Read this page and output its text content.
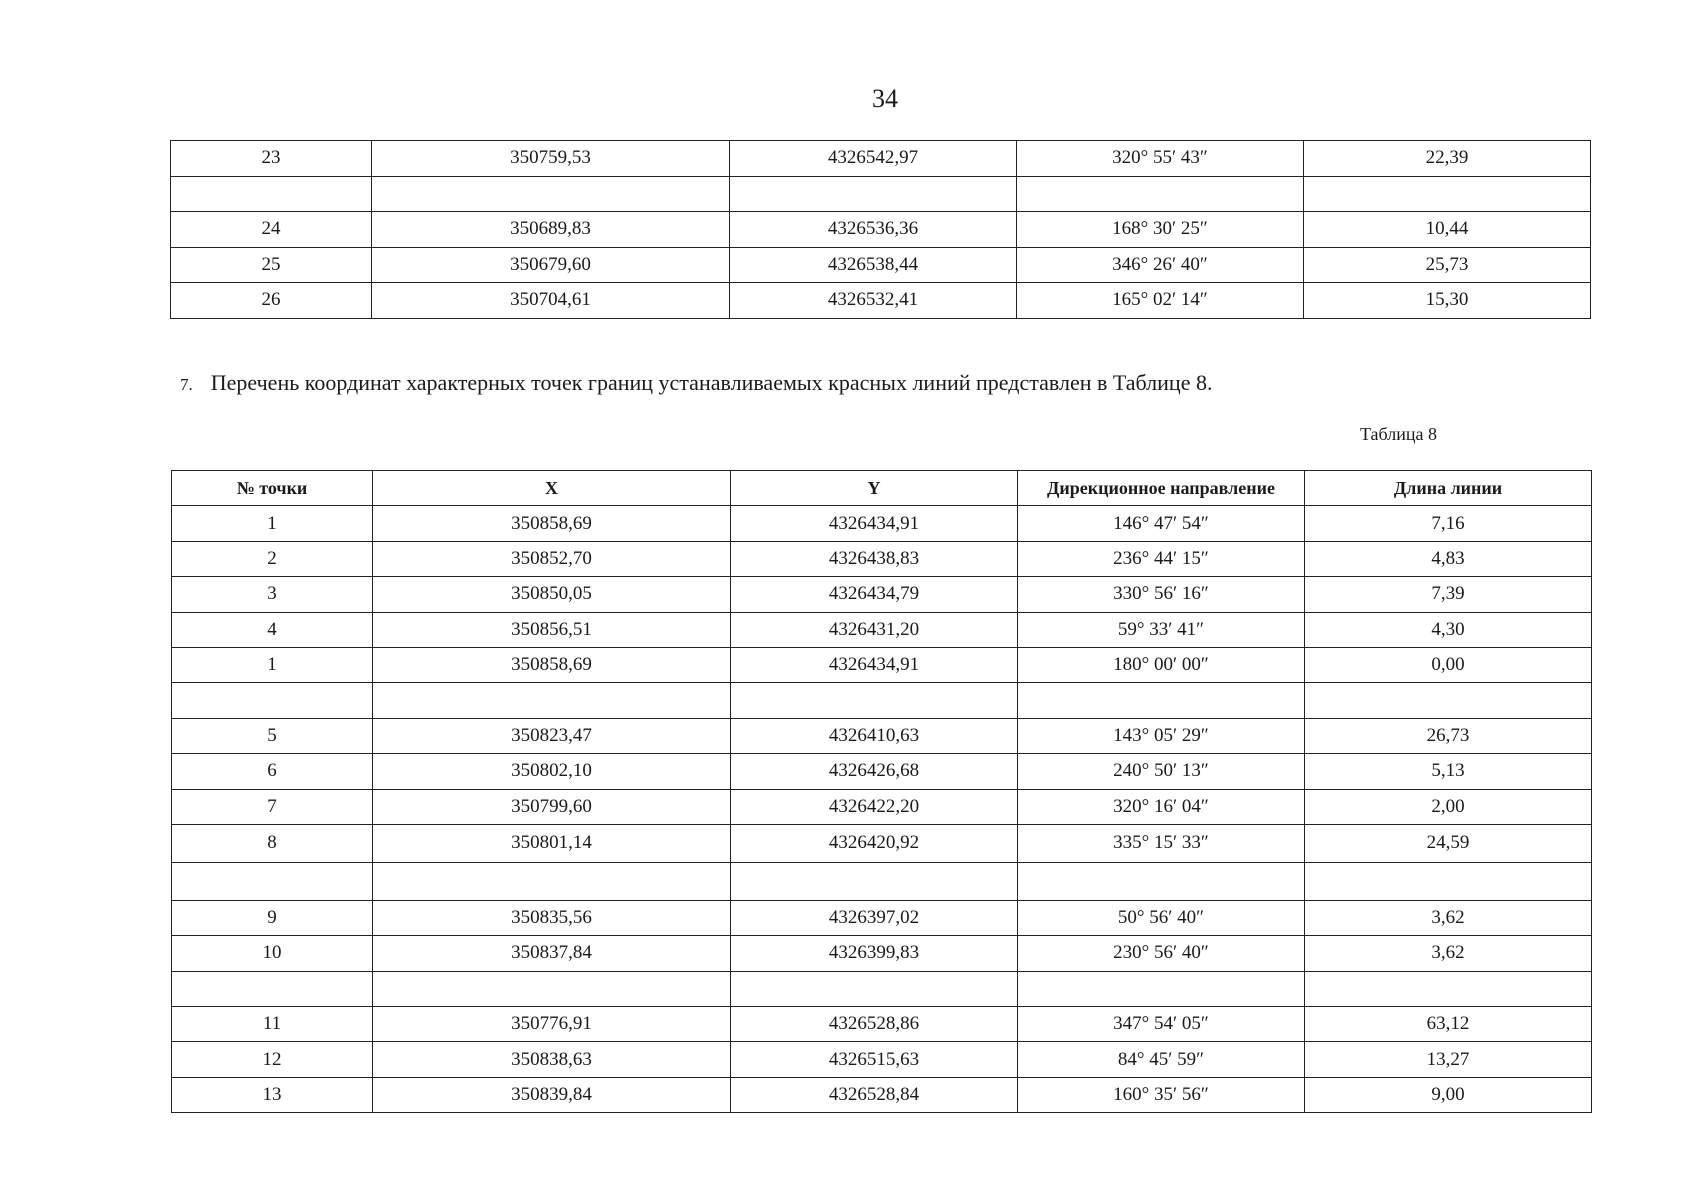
34
23	350759,53	4326542,97	320° 55′ 43″	22,39

24	350689,83	4326536,36	168° 30′ 25″	10,44
25	350679,60	4326538,44	346° 26′ 40″	25,73
26	350704,61	4326532,41	165° 02′ 14″	15,30
7. Перечень координат характерных точек границ устанавливаемых красных линий представлен в Таблице 8.
Таблица 8
№ точки	X	Y	Дирекционное направление	Длина линии
1	350858,69	4326434,91	146° 47′ 54″	7,16
2	350852,70	4326438,83	236° 44′ 15″	4,83
3	350850,05	4326434,79	330° 56′ 16″	7,39
4	350856,51	4326431,20	59° 33′ 41″	4,30
1	350858,69	4326434,91	180° 00′ 00″	0,00

5	350823,47	4326410,63	143° 05′ 29″	26,73
6	350802,10	4326426,68	240° 50′ 13″	5,13
7	350799,60	4326422,20	320° 16′ 04″	2,00
8	350801,14	4326420,92	335° 15′ 33″	24,59

9	350835,56	4326397,02	50° 56′ 40″	3,62
10	350837,84	4326399,83	230° 56′ 40″	3,62

11	350776,91	4326528,86	347° 54′ 05″	63,12
12	350838,63	4326515,63	84° 45′ 59″	13,27
13	350839,84	4326528,84	160° 35′ 56″	9,00
